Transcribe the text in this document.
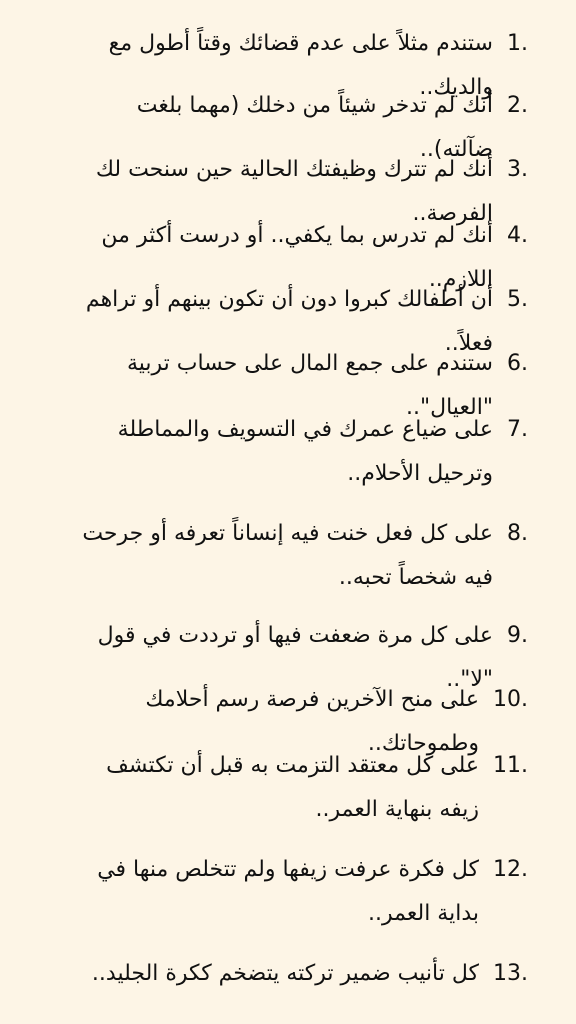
1.
ستندم مثلاً على عدم قضائك وقتاً أطول مع والديك..
2.
أنك لم تدخر شيئاً من دخلك (مهما بلغت ضآلته)..
3.
أنك لم تترك وظيفتك الحالية حين سنحت لك الفرصة..
4.
أنك لم تدرس بما يكفي.. أو درست أكثر من اللازم..
5.
أن أطفالك كبروا دون أن تكون بينهم أو تراهم فعلاً..
6.
ستندم على جمع المال على حساب تربية "العيال"..
7.
على ضياع عمرك في التسويف والمماطلة وترحيل الأحلام..
8.
على كل فعل خنت فيه إنساناً تعرفه أو جرحت فيه شخصاً تحبه..
9.
على كل مرة ضعفت فيها أو ترددت في قول "لا"..
10.
على منح الآخرين فرصة رسم أحلامك وطموحاتك..
11.
على كل معتقد التزمت به قبل أن تكتشف زيفه بنهاية العمر..
12.
كل فكرة عرفت زيفها ولم تتخلص منها في بداية العمر..
13.
كل تأنيب ضمير تركته يتضخم ككرة الجليد..
